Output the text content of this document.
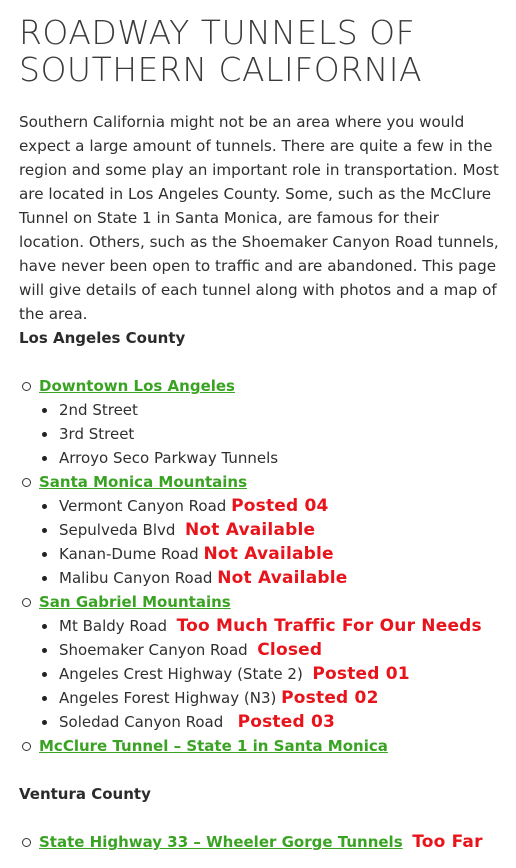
ROADWAY TUNNELS OF SOUTHERN CALIFORNIA

Southern California might not be an area where you would expect a large amount of tunnels. There are quite a few in the region and some play an important role in transportation. Most are located in Los Angeles County. Some, such as the McClure Tunnel on State 1 in Santa Monica, are famous for their location. Others, such as the Shoemaker Canyon Road tunnels, have never been open to traffic and are abandoned. This page will give details of each tunnel along with photos and a map of the area.

Los Angeles County
Downtown Los Angeles
2nd Street
3rd Street
Arroyo Seco Parkway Tunnels
Santa Monica Mountains
Vermont Canyon Road Posted 04
Sepulveda Blvd Not Available
Kanan-Dume Road Not Available
Malibu Canyon Road Not Available
San Gabriel Mountains
Mt Baldy Road Too Much Traffic For Our Needs
Shoemaker Canyon Road Closed
Angeles Crest Highway (State 2) Posted 01
Angeles Forest Highway (N3) Posted 02
Soledad Canyon Road Posted 03
McClure Tunnel – State 1 in Santa Monica
Ventura County
State Highway 33 – Wheeler Gorge Tunnels Too Far
